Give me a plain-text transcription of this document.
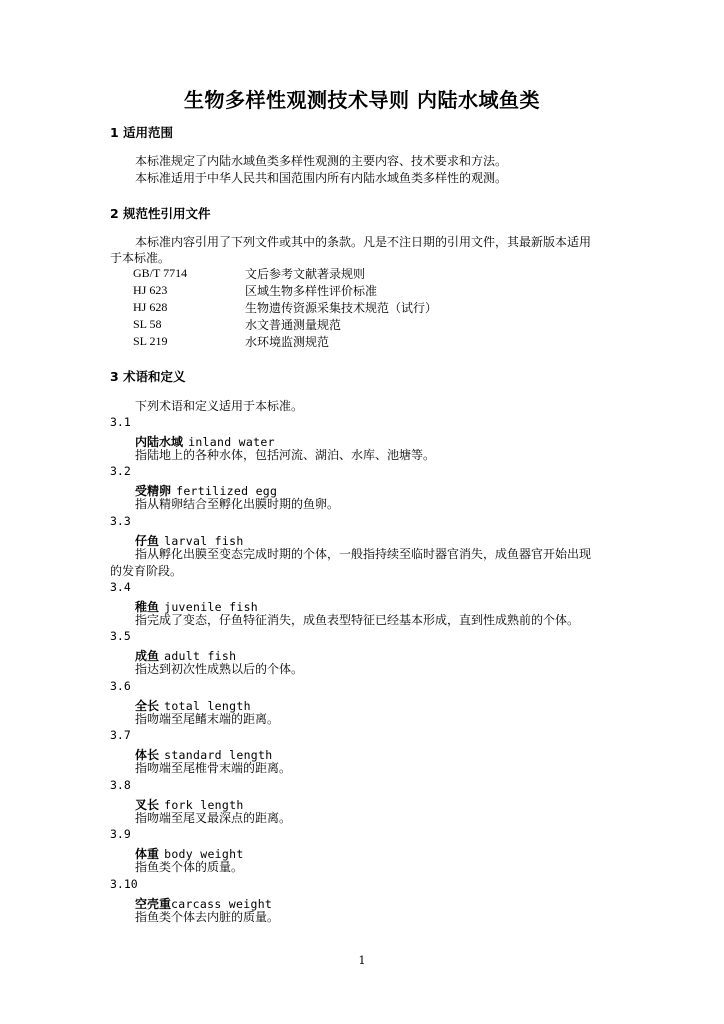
生物多样性观测技术导则 内陆水域鱼类
1 适用范围
本标准规定了内陆水域鱼类多样性观测的主要内容、技术要求和方法。
本标准适用于中华人民共和国范围内所有内陆水域鱼类多样性的观测。
2 规范性引用文件
本标准内容引用了下列文件或其中的条款。凡是不注日期的引用文件，其最新版本适用
于本标准。
GB/T 7714	文后参考文献著录规则
HJ 623	区域生物多样性评价标准
HJ 628	生物遗传资源采集技术规范（试行）
SL 58	水文普通测量规范
SL 219	水环境监测规范
3 术语和定义
下列术语和定义适用于本标准。
3.1
内陆水域 inland water
指陆地上的各种水体，包括河流、湖泊、水库、池塘等。
3.2
受精卵 fertilized egg
指从精卵结合至孵化出膜时期的鱼卵。
3.3
仔鱼 larval fish
指从孵化出膜至变态完成时期的个体，一般指持续至临时器官消失，成鱼器官开始出现
的发育阶段。
3.4
稚鱼 juvenile fish
指完成了变态，仔鱼特征消失，成鱼表型特征已经基本形成，直到性成熟前的个体。
3.5
成鱼 adult fish
指达到初次性成熟以后的个体。
3.6
全长 total length
指吻端至尾鳍末端的距离。
3.7
体长 standard length
指吻端至尾椎骨末端的距离。
3.8
叉长 fork length
指吻端至尾叉最深点的距离。
3.9
体重 body weight
指鱼类个体的质量。
3.10
空壳重carcass weight
指鱼类个体去内脏的质量。
1
